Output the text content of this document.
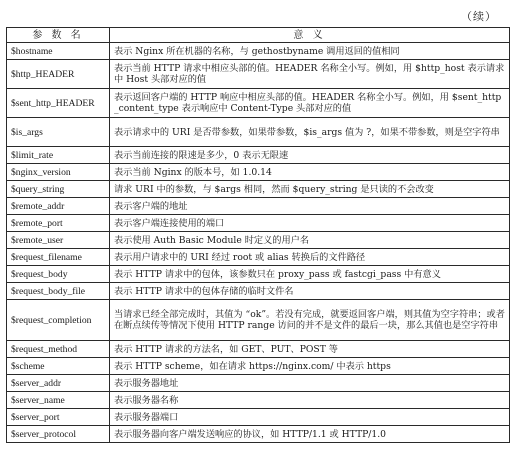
（续）
参 数 名	意 义
$hostname	表示 Nginx 所在机器的名称，与 gethostbyname 调用返回的值相同
$http_HEADER	表示当前 HTTP 请求中相应头部的值。HEADER 名称全小写。例如，用 $http_host 表示请求中 Host 头部对应的值
$sent_http_HEADER	表示返回客户端的 HTTP 响应中相应头部的值。HEADER 名称全小写。例如，用 $sent_http_content_type 表示响应中 Content-Type 头部对应的值
$is_args	表示请求中的 URI 是否带参数，如果带参数，$is_args 值为 ?，如果不带参数，则是空字符串
$limit_rate	表示当前连接的限速是多少，0 表示无限速
$nginx_version	表示当前 Nginx 的版本号，如 1.0.14
$query_string	请求 URI 中的参数，与 $args 相同，然而 $query_string 是只读的不会改变
$remote_addr	表示客户端的地址
$remote_port	表示客户端连接使用的端口
$remote_user	表示使用 Auth Basic Module 时定义的用户名
$request_filename	表示用户请求中的 URI 经过 root 或 alias 转换后的文件路径
$request_body	表示 HTTP 请求中的包体，该参数只在 proxy_pass 或 fastcgi_pass 中有意义
$request_body_file	表示 HTTP 请求中的包体存储的临时文件名
$request_completion	当请求已经全部完成时，其值为 “ok”。若没有完成，就要返回客户端，则其值为空字符串；或者在断点续传等情况下使用 HTTP range 访问的并不是文件的最后一块，那么其值也是空字符串
$request_method	表示 HTTP 请求的方法名，如 GET、PUT、POST 等
$scheme	表示 HTTP scheme，如在请求 https://nginx.com/ 中表示 https
$server_addr	表示服务器地址
$server_name	表示服务器名称
$server_port	表示服务器端口
$server_protocol	表示服务器向客户端发送响应的协议，如 HTTP/1.1 或 HTTP/1.0
